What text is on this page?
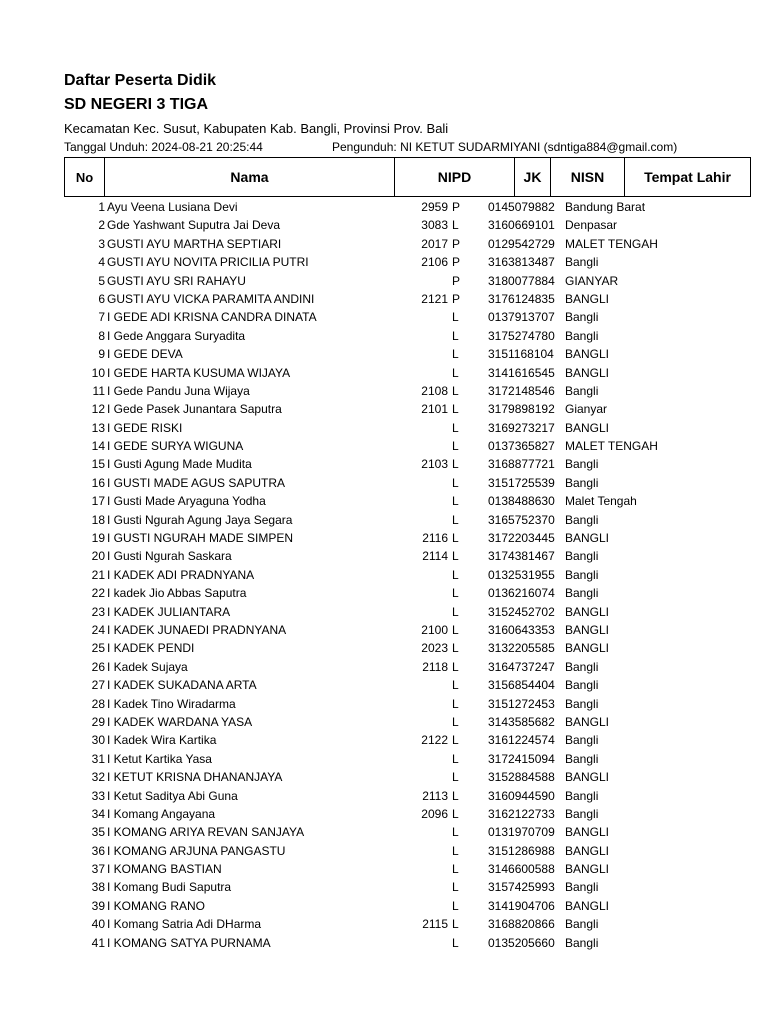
Daftar Peserta Didik
SD NEGERI 3 TIGA
Kecamatan Kec. Susut, Kabupaten Kab. Bangli, Provinsi Prov. Bali
Tanggal Unduh: 2024-08-21 20:25:44	Pengunduh: NI KETUT SUDARMIYANI (sdntiga884@gmail.com)
No	Nama	NIPD	JK	NISN	Tempat Lahir
1 Ayu Veena Lusiana Devi	2959 P 0145079882 Bandung Barat
2 Gde Yashwant Suputra Jai Deva	3083 L 3160669101 Denpasar
3 GUSTI AYU MARTHA SEPTIARI	2017 P 0129542729 MALET TENGAH
4 GUSTI AYU NOVITA PRICILIA PUTRI	2106 P 3163813487 Bangli
5 GUSTI AYU SRI RAHAYU	P 3180077884 GIANYAR
6 GUSTI AYU VICKA PARAMITA ANDINI	2121 P 3176124835 BANGLI
7 I GEDE ADI KRISNA CANDRA DINATA	L 0137913707 Bangli
8 I Gede Anggara Suryadita	L 3175274780 Bangli
9 I GEDE DEVA	L 3151168104 BANGLI
10 I GEDE HARTA KUSUMA WIJAYA	L 3141616545 BANGLI
11 I Gede Pandu Juna Wijaya	2108 L 3172148546 Bangli
12 I Gede Pasek Junantara Saputra	2101 L 3179898192 Gianyar
13 I GEDE RISKI	L 3169273217 BANGLI
14 I GEDE SURYA WIGUNA	L 0137365827 MALET TENGAH
15 I Gusti Agung Made Mudita	2103 L 3168877721 Bangli
16 I GUSTI MADE AGUS SAPUTRA	L 3151725539 Bangli
17 I Gusti Made Aryaguna Yodha	L 0138488630 Malet Tengah
18 I Gusti Ngurah Agung Jaya Segara	L 3165752370 Bangli
19 I GUSTI NGURAH MADE SIMPEN	2116 L 3172203445 BANGLI
20 I Gusti Ngurah Saskara	2114 L 3174381467 Bangli
21 I KADEK ADI PRADNYANA	L 0132531955 Bangli
22 I kadek Jio Abbas Saputra	L 0136216074 Bangli
23 I KADEK JULIANTARA	L 3152452702 BANGLI
24 I KADEK JUNAEDI PRADNYANA	2100 L 3160643353 BANGLI
25 I KADEK PENDI	2023 L 3132205585 BANGLI
26 I Kadek Sujaya	2118 L 3164737247 Bangli
27 I KADEK SUKADANA ARTA	L 3156854404 Bangli
28 I Kadek Tino Wiradarma	L 3151272453 Bangli
29 I KADEK WARDANA YASA	L 3143585682 BANGLI
30 I Kadek Wira Kartika	2122 L 3161224574 Bangli
31 I Ketut Kartika Yasa	L 3172415094 Bangli
32 I KETUT KRISNA DHANANJAYA	L 3152884588 BANGLI
33 I Ketut Saditya Abi Guna	2113 L 3160944590 Bangli
34 I Komang Angayana	2096 L 3162122733 Bangli
35 I KOMANG ARIYA REVAN SANJAYA	L 0131970709 BANGLI
36 I KOMANG ARJUNA PANGASTU	L 3151286988 BANGLI
37 I KOMANG BASTIAN	L 3146600588 BANGLI
38 I Komang Budi Saputra	L 3157425993 Bangli
39 I KOMANG RANO	L 3141904706 BANGLI
40 I Komang Satria Adi DHarma	2115 L 3168820866 Bangli
41 I KOMANG SATYA PURNAMA	L 0135205660 Bangli
